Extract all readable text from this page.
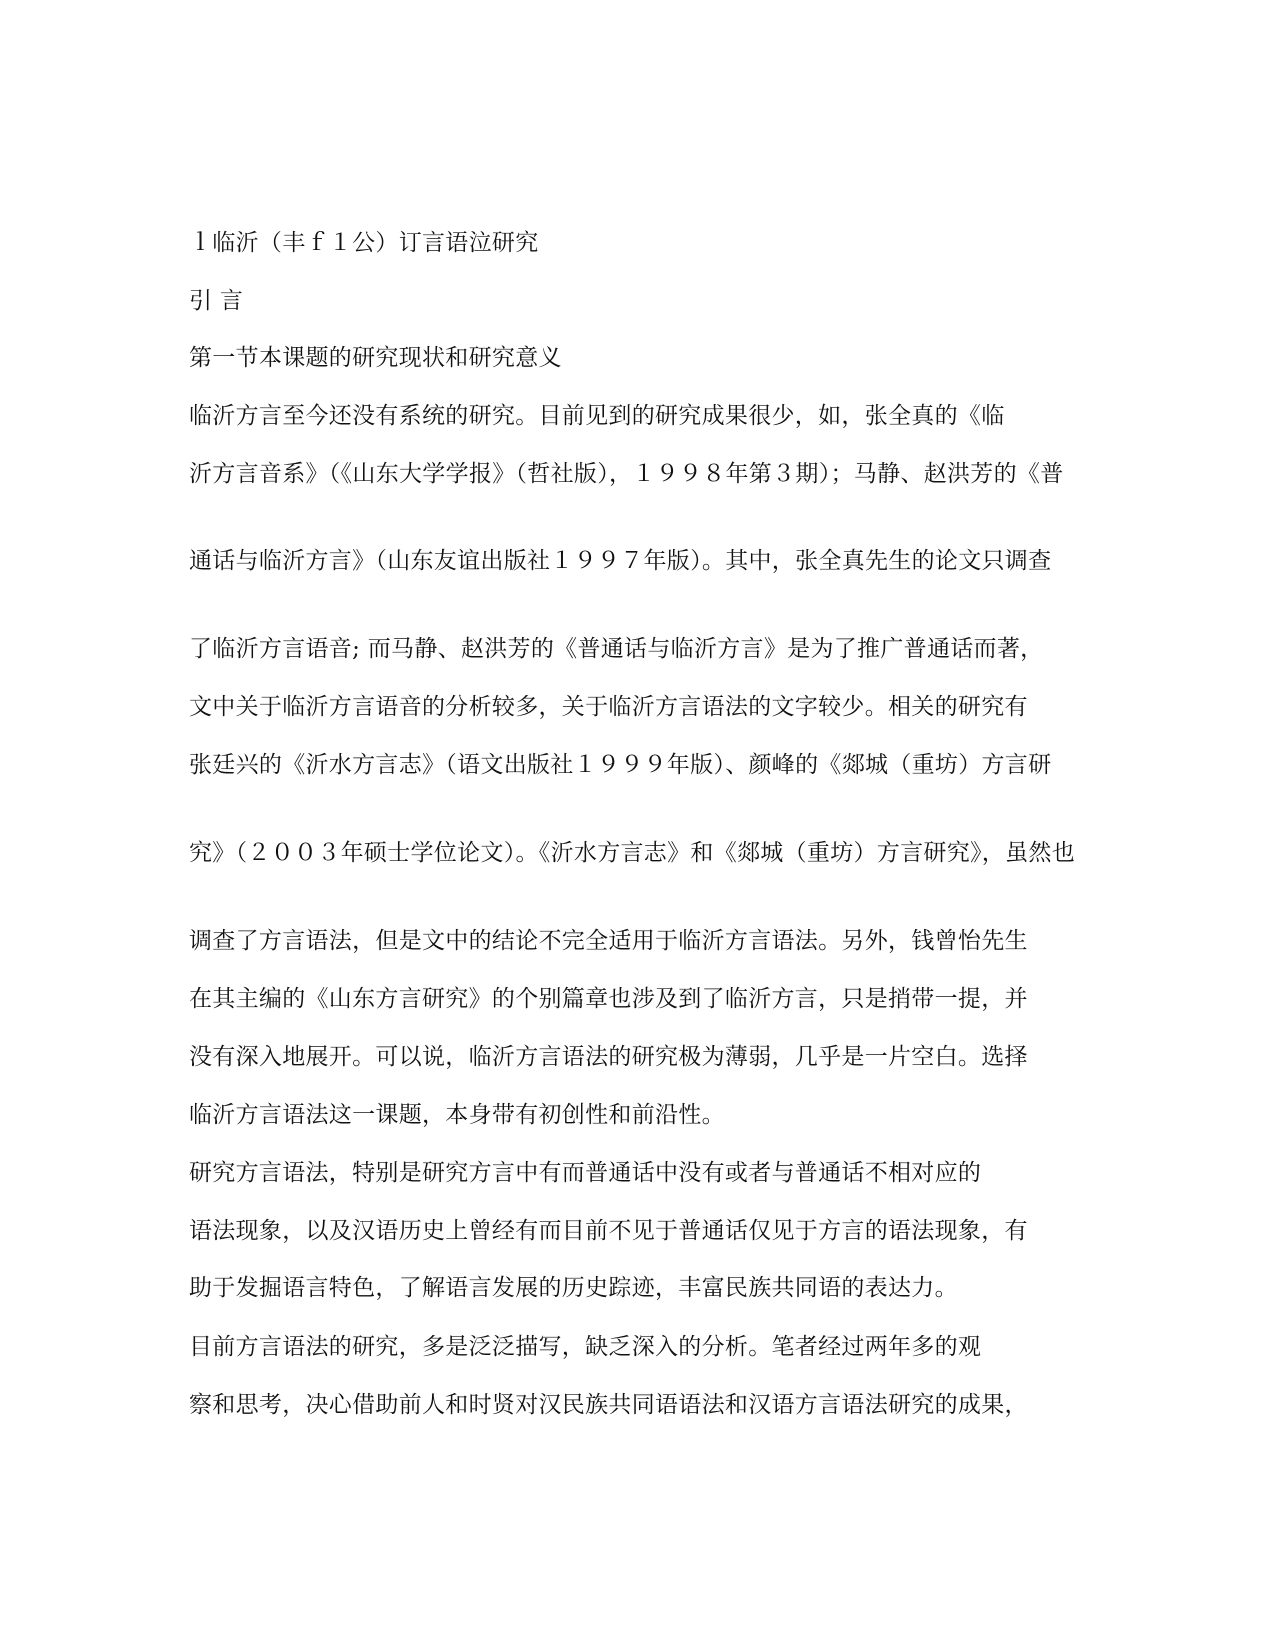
ｌ临沂（丰ｆ１公）订言语泣研究
引 言
第一节本课题的研究现状和研究意义
临沂方言至今还没有系统的研究。目前见到的研究成果很少，如，张全真的《临
沂方言音系》（《山东大学学报》（哲社版），１９９８年第３期）；马静、赵洪芳的《普
通话与临沂方言》（山东友谊出版社１９９７年版）。其中，张全真先生的论文只调查
了临沂方言语音; 而马静、赵洪芳的《普通话与临沂方言》是为了推广普通话而著，
文中关于临沂方言语音的分析较多，关于临沂方言语法的文字较少。相关的研究有
张廷兴的《沂水方言志》（语文出版社１９９９年版）、颜峰的《郯城（重坊）方言研
究》（２００３年硕士学位论文）。《沂水方言志》和《郯城（重坊）方言研究》，虽然也
调查了方言语法，但是文中的结论不完全适用于临沂方言语法。另外，钱曾怡先生
在其主编的《山东方言研究》的个别篇章也涉及到了临沂方言，只是捎带一提，并
没有深入地展开。可以说，临沂方言语法的研究极为薄弱，几乎是一片空白。选择
临沂方言语法这一课题，本身带有初创性和前沿性。
研究方言语法，特别是研究方言中有而普通话中没有或者与普通话不相对应的
语法现象，以及汉语历史上曾经有而目前不见于普通话仅见于方言的语法现象，有
助于发掘语言特色，了解语言发展的历史踪迹，丰富民族共同语的表达力。
目前方言语法的研究，多是泛泛描写，缺乏深入的分析。笔者经过两年多的观
察和思考，决心借助前人和时贤对汉民族共同语语法和汉语方言语法研究的成果，
